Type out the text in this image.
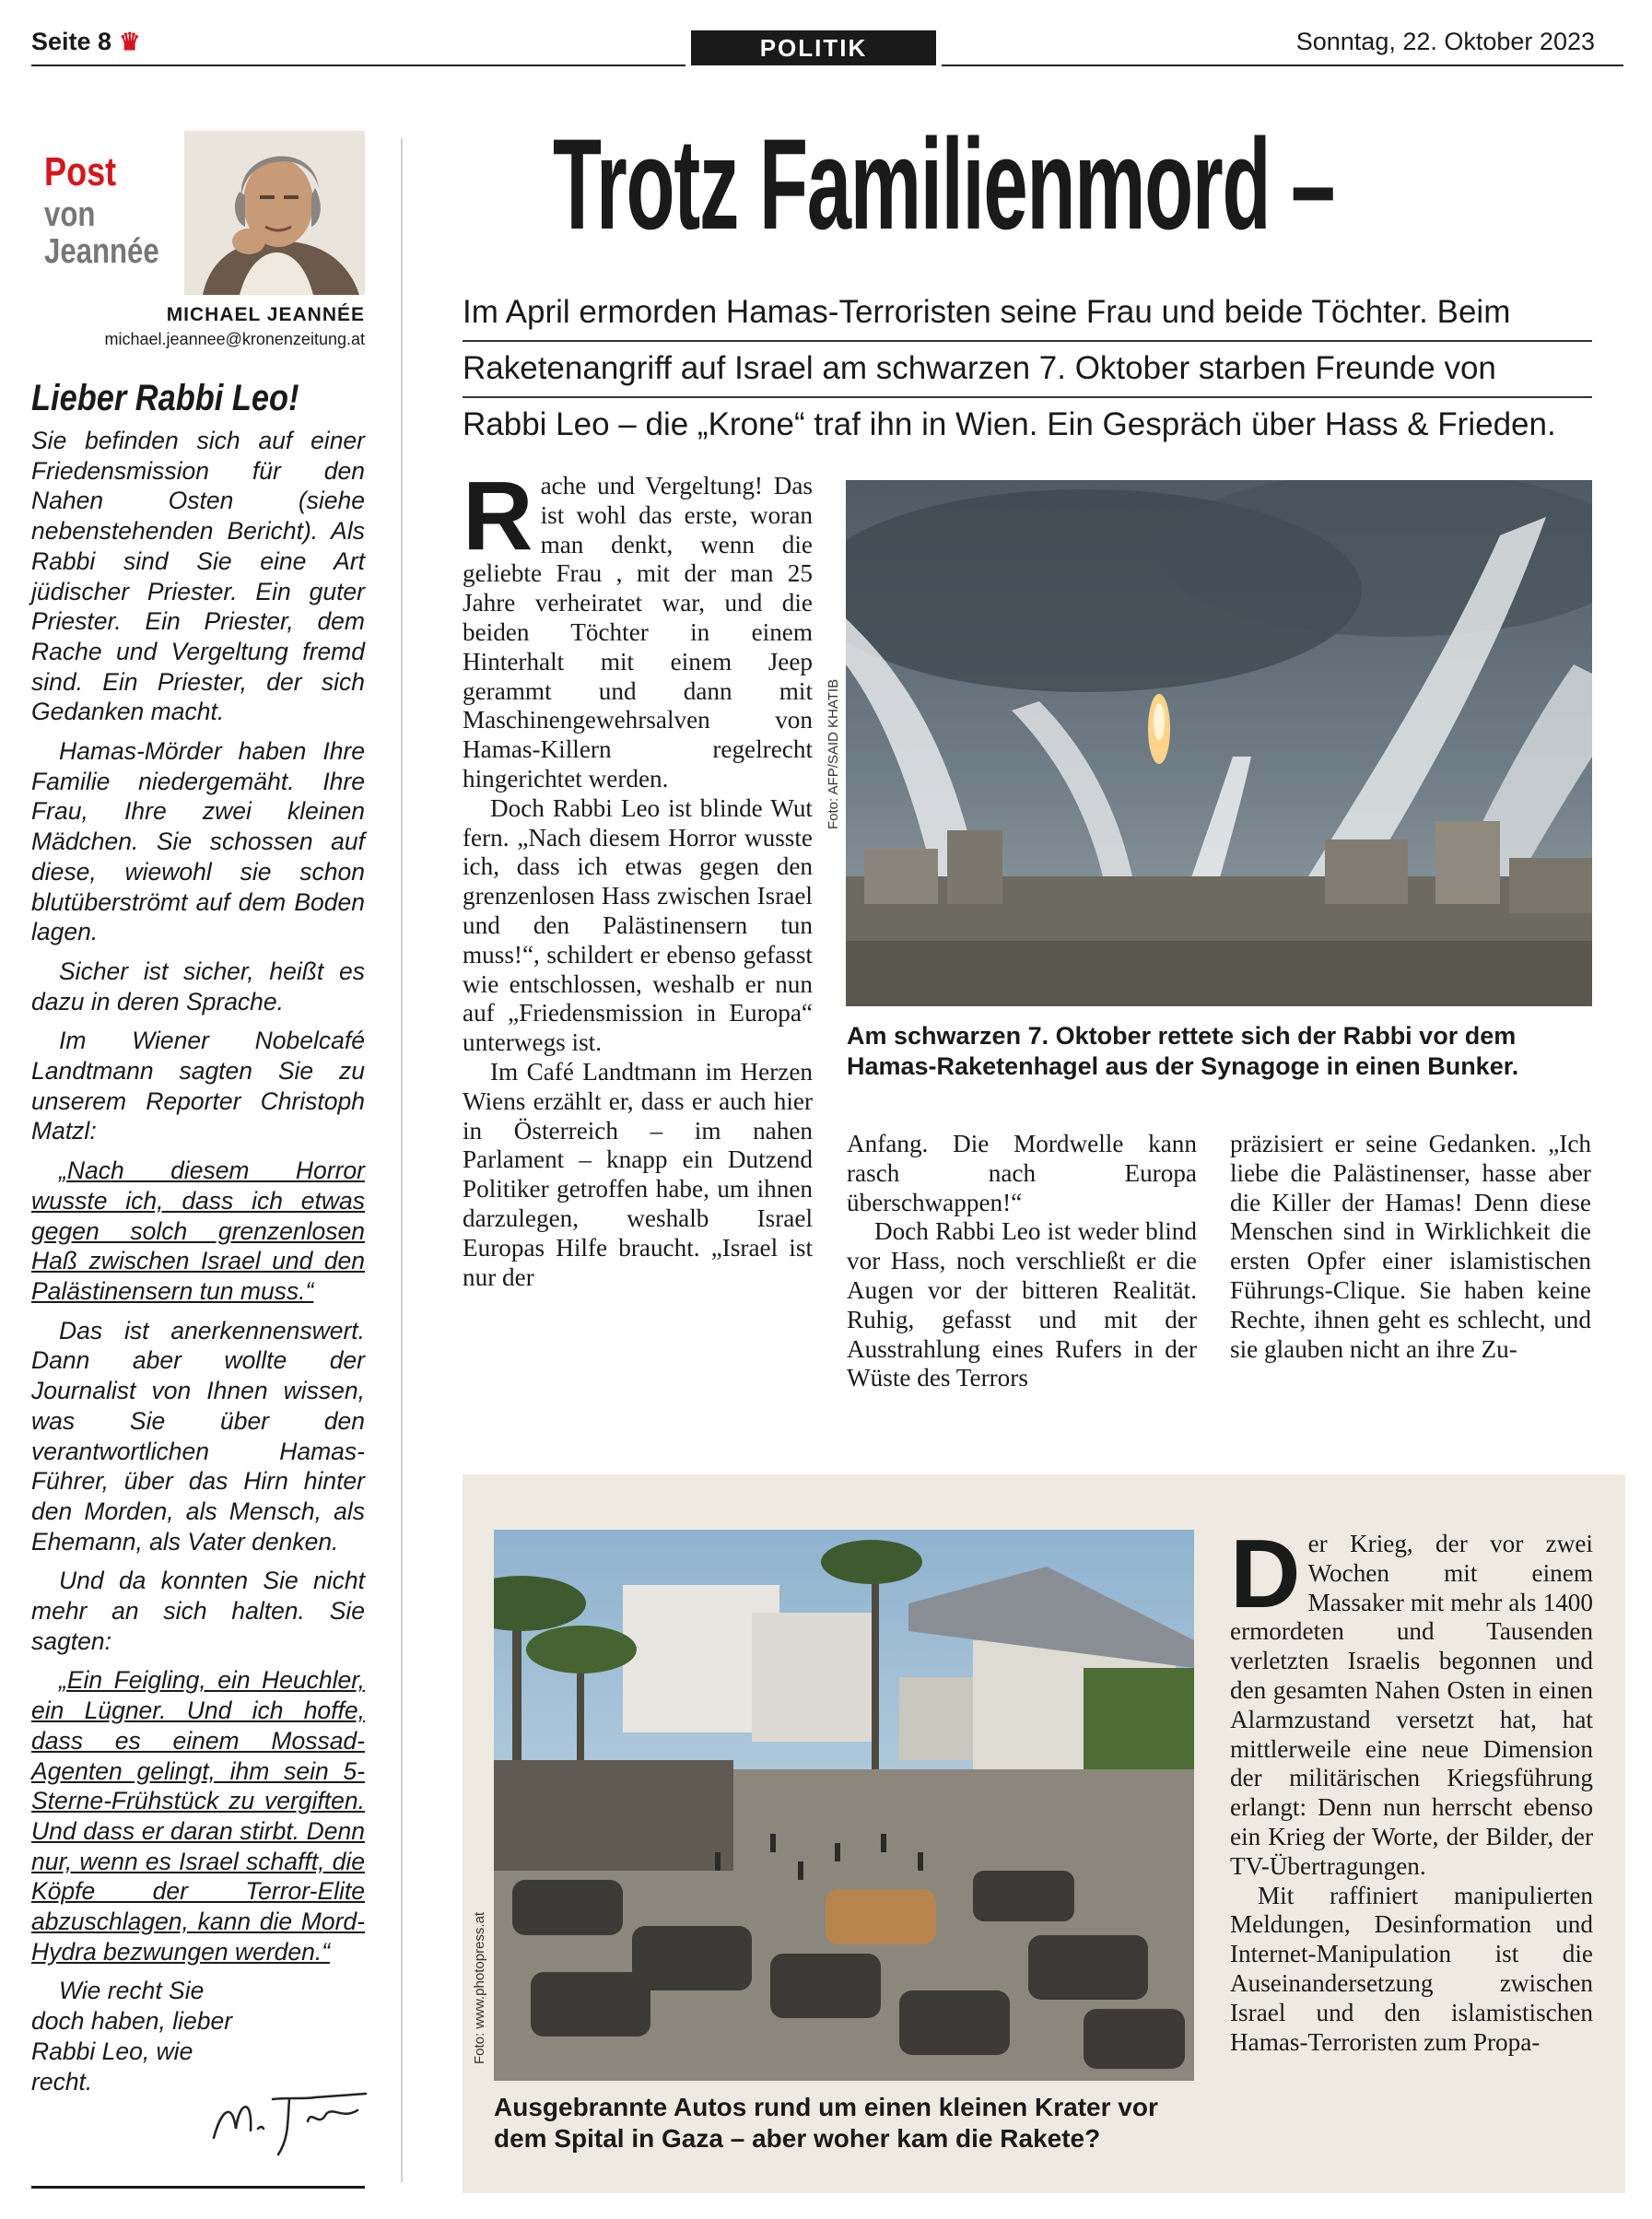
Seite 8 ♛	POLITIK	Sonntag, 22. Oktober 2023
Post
von
Jeannée
MICHAEL JEANNÉE
michael.jeannee@kronenzeitung.at
Lieber Rabbi Leo!

Sie befinden sich auf einer Friedensmission für den Nahen Osten (siehe nebenstehenden Bericht). Als Rabbi sind Sie eine Art jüdischer Priester. Ein guter Priester. Ein Priester, dem Rache und Vergeltung fremd sind. Ein Priester, der sich Gedanken macht.

Hamas-Mörder haben Ihre Familie niedergemäht. Ihre Frau, Ihre zwei kleinen Mädchen. Sie schossen auf diese, wiewohl sie schon blutüberströmt auf dem Boden lagen.

Sicher ist sicher, heißt es dazu in deren Sprache.

Im Wiener Nobelcafé Landtmann sagten Sie zu unserem Reporter Christoph Matzl:

„Nach diesem Horror wusste ich, dass ich etwas gegen solch grenzenlosen Haß zwischen Israel und den Palästinensern tun muss.“

Das ist anerkennenswert. Dann aber wollte der Journalist von Ihnen wissen, was Sie über den verantwortlichen Hamas-Führer, über das Hirn hinter den Morden, als Mensch, als Ehemann, als Vater denken.

Und da konnten Sie nicht mehr an sich halten. Sie sagten:

„Ein Feigling, ein Heuchler, ein Lügner. Und ich hoffe, dass es einem Mossad-Agenten gelingt, ihm sein 5-Sterne-Frühstück zu vergiften. Und dass er daran stirbt. Denn nur, wenn es Israel schafft, die Köpfe der Terror-Elite abzuschlagen, kann die Mord-Hydra bezwungen werden.“

Wie recht Sie doch haben, lieber Rabbi Leo, wie recht.

Trotz Familienmord –
Im April ermorden Hamas-Terroristen seine Frau und beide Töchter. Beim
Raketenangriff auf Israel am schwarzen 7. Oktober starben Freunde von
Rabbi Leo – die „Krone“ traf ihn in Wien. Ein Gespräch über Hass & Frieden.

Rache und Vergeltung! Das ist wohl das erste, woran man denkt, wenn die geliebte Frau , mit der man 25 Jahre verheiratet war, und die beiden Töchter in einem Hinterhalt mit einem Jeep gerammt und dann mit Maschinengewehrsalven von Hamas-Killern regelrecht hingerichtet werden.

Doch Rabbi Leo ist blinde Wut fern. „Nach diesem Horror wusste ich, dass ich etwas gegen den grenzenlosen Hass zwischen Israel und den Palästinensern tun muss!“, schildert er ebenso gefasst wie entschlossen, weshalb er nun auf „Friedensmission in Europa“ unterwegs ist.

Im Café Landtmann im Herzen Wiens erzählt er, dass er auch hier in Österreich – im nahen Parlament – knapp ein Dutzend Politiker getroffen habe, um ihnen darzulegen, weshalb Israel Europas Hilfe braucht. „Israel ist nur der

Foto: AFP/SAID KHATIB
Am schwarzen 7. Oktober rettete sich der Rabbi vor dem Hamas-Raketenhagel aus der Synagoge in einen Bunker.

Anfang. Die Mordwelle kann rasch nach Europa überschwappen!“

Doch Rabbi Leo ist weder blind vor Hass, noch verschließt er die Augen vor der bitteren Realität. Ruhig, gefasst und mit der Ausstrahlung eines Rufers in der Wüste des Terrors

präzisiert er seine Gedanken. „Ich liebe die Palästinenser, hasse aber die Killer der Hamas! Denn diese Menschen sind in Wirklichkeit die ersten Opfer einer islamistischen Führungs-Clique. Sie haben keine Rechte, ihnen geht es schlecht, und sie glauben nicht an ihre Zu-

Foto: www.photopress.at
Ausgebrannte Autos rund um einen kleinen Krater vor dem Spital in Gaza – aber woher kam die Rakete?

Der Krieg, der vor zwei Wochen mit einem Massaker mit mehr als 1400 ermordeten und Tausenden verletzten Israelis begonnen und den gesamten Nahen Osten in einen Alarmzustand versetzt hat, hat mittlerweile eine neue Dimension der militärischen Kriegsführung erlangt: Denn nun herrscht ebenso ein Krieg der Worte, der Bilder, der TV-Übertragungen.

Mit raffiniert manipulierten Meldungen, Desinformation und Internet-Manipulation ist die Auseinandersetzung zwischen Israel und den islamistischen Hamas-Terroristen zum Propa-
